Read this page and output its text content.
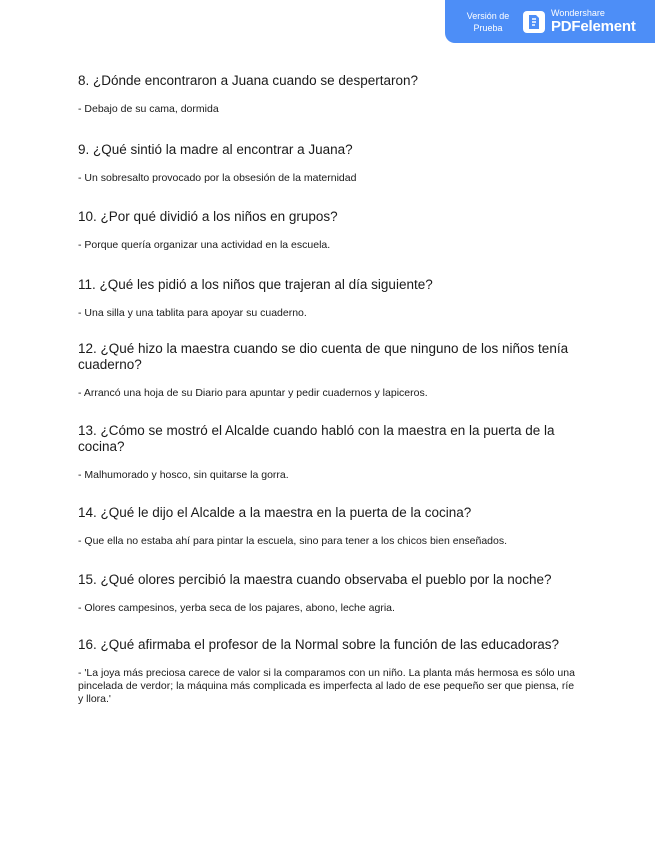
Versión de
Prueba
Wondershare
PDFelement

8. ¿Dónde encontraron a Juana cuando se despertaron?

- Debajo de su cama, dormida

9. ¿Qué sintió la madre al encontrar a Juana?

- Un sobresalto provocado por la obsesión de la maternidad

10. ¿Por qué dividió a los niños en grupos?

- Porque quería organizar una actividad en la escuela.

11. ¿Qué les pidió a los niños que trajeran al día siguiente?

- Una silla y una tablita para apoyar su cuaderno.

12. ¿Qué hizo la maestra cuando se dio cuenta de que ninguno de los niños tenía cuaderno?

- Arrancó una hoja de su Diario para apuntar y pedir cuadernos y lapiceros.

13. ¿Cómo se mostró el Alcalde cuando habló con la maestra en la puerta de la cocina?

- Malhumorado y hosco, sin quitarse la gorra.

14. ¿Qué le dijo el Alcalde a la maestra en la puerta de la cocina?

- Que ella no estaba ahí para pintar la escuela, sino para tener a los chicos bien enseñados.

15. ¿Qué olores percibió la maestra cuando observaba el pueblo por la noche?

- Olores campesinos, yerba seca de los pajares, abono, leche agria.

16. ¿Qué afirmaba el profesor de la Normal sobre la función de las educadoras?

- 'La joya más preciosa carece de valor si la comparamos con un niño. La planta más hermosa es sólo una pincelada de verdor; la máquina más complicada es imperfecta al lado de ese pequeño ser que piensa, ríe y llora.'
